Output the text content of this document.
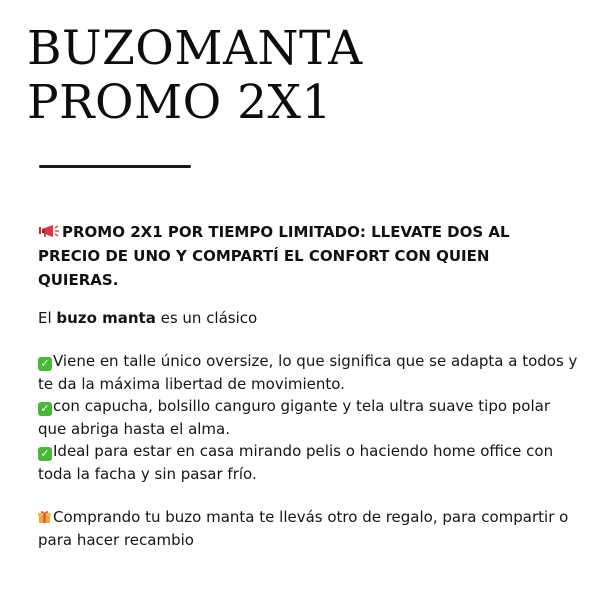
BUZOMANTA
PROMO 2X1

PROMO 2X1 POR TIEMPO LIMITADO: LLEVATE DOS AL PRECIO DE UNO Y COMPARTÍ EL CONFORT CON QUIEN QUIERAS.

El buzo manta es un clásico

✓ Viene en talle único oversize, lo que significa que se adapta a todos y te da la máxima libertad de movimiento.
✓ con capucha, bolsillo canguro gigante y tela ultra suave tipo polar que abriga hasta el alma.
✓ Ideal para estar en casa mirando pelis o haciendo home office con toda la facha y sin pasar frío.

Comprando tu buzo manta te llevás otro de regalo, para compartir o para hacer recambio
